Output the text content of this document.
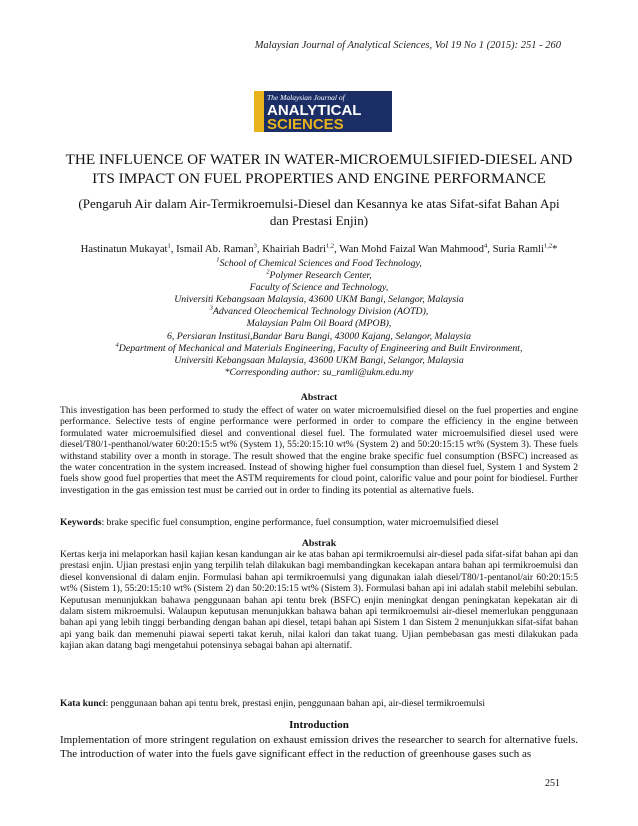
Malaysian Journal of Analytical Sciences, Vol 19 No 1 (2015): 251 - 260
The Malaysian Journal of
ANALYTICAL
SCIENCES
THE INFLUENCE OF WATER IN WATER-MICROEMULSIFIED-DIESEL AND ITS IMPACT ON FUEL PROPERTIES AND ENGINE PERFORMANCE
(Pengaruh Air dalam Air-Termikroemulsi-Diesel dan Kesannya ke atas Sifat-sifat Bahan Api dan Prestasi Enjin)
Hastinatun Mukayat$^1$, Ismail Ab. Raman$^3$, Khairiah Badri$^{1,2}$, Wan Mohd Faizal Wan Mahmood$^4$, Suria Ramli$^{1,2}$*

$^1$School of Chemical Sciences and Food Technology,

$^2$Polymer Research Center,

Faculty of Science and Technology,

Universiti Kebangsaan Malaysia, 43600 UKM Bangi, Selangor, Malaysia

$^3$Advanced Oleochemical Technology Division (AOTD),

Malaysian Palm Oil Board (MPOB),

6, Persiaran Institusi,Bandar Baru Bangi, 43000 Kajang, Selangor, Malaysia

$^4$Department of Mechanical and Materials Engineering, Faculty of Engineering and Built Environment,

Universiti Kebangsaan Malaysia, 43600 UKM Bangi, Selangor, Malaysia

*Corresponding author: su_ramli@ukm.edu.my
Abstract
This investigation has been performed to study the effect of water on water microemulsified diesel on the fuel properties and engine performance. Selective tests of engine performance were performed in order to compare the efficiency in the engine between formulated water microemulsified diesel and conventional diesel fuel. The formulated water microemulsified diesel used were diesel/T80/1-penthanol/water 60:20:15:5 wt% (System 1), 55:20:15:10 wt% (System 2) and 50:20:15:15 wt% (System 3). These fuels withstand stability over a month in storage. The result showed that the engine brake specific fuel consumption (BSFC) increased as the water concentration in the system increased. Instead of showing higher fuel consumption than diesel fuel, System 1 and System 2 fuels show good fuel properties that meet the ASTM requirements for cloud point, calorific value and pour point for biodiesel. Further investigation in the gas emission test must be carried out in order to finding its potential as alternative fuels.
Keywords: brake specific fuel consumption, engine performance, fuel consumption, water microemulsified diesel
Abstrak
Kertas kerja ini melaporkan hasil kajian kesan kandungan air ke atas bahan api termikroemulsi air-diesel pada sifat-sifat bahan api dan prestasi enjin. Ujian prestasi enjin yang terpilih telah dilakukan bagi membandingkan kecekapan antara bahan api termikroemulsi dan diesel konvensional di dalam enjin. Formulasi bahan api termikroemulsi yang digunakan ialah diesel/T80/1-pentanol/air 60:20:15:5 wt% (Sistem 1), 55:20:15:10 wt% (Sistem 2) dan 50:20:15:15 wt% (Sistem 3). Formulasi bahan api ini adalah stabil melebihi sebulan. Keputusan menunjukkan bahawa penggunaan bahan api tentu brek (BSFC) enjin meningkat dengan peningkatan kepekatan air di dalam sistem mikroemulsi. Walaupun keputusan menunjukkan bahawa bahan api termikroemulsi air-diesel memerlukan penggunaan bahan api yang lebih tinggi berbanding dengan bahan api diesel, tetapi bahan api Sistem 1 dan Sistem 2 menunjukkan sifat-sifat bahan api yang baik dan memenuhi piawai seperti takat keruh, nilai kalori dan takat tuang. Ujian pembebasan gas mesti dilakukan pada kajian akan datang bagi mengetahui potensinya sebagai bahan api alternatif.
Kata kunci: penggunaan bahan api tentu brek, prestasi enjin, penggunaan bahan api, air-diesel termikroemulsi
Introduction
Implementation of more stringent regulation on exhaust emission drives the researcher to search for alternative fuels. The introduction of water into the fuels gave significant effect in the reduction of greenhouse gases such as
251
